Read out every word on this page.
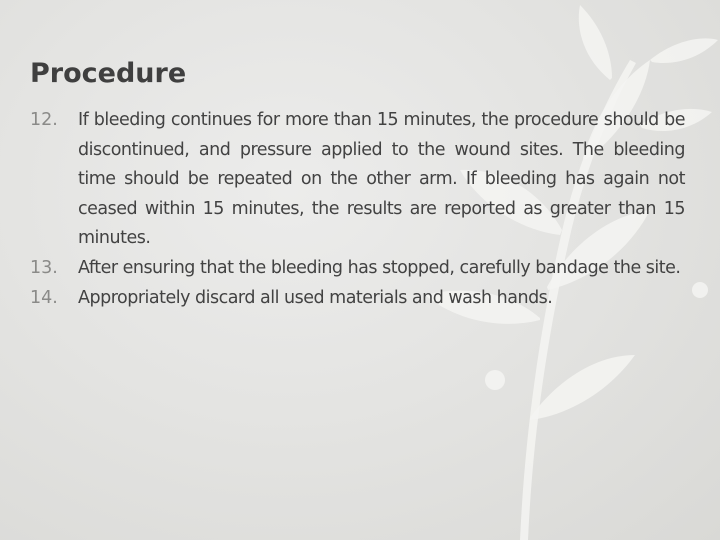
Procedure
12.	If bleeding continues for more than 15 minutes, the procedure should be discontinued, and pressure applied to the wound sites. The bleeding time should be repeated on the other arm. If bleeding has again not ceased within 15 minutes, the results are reported as greater than 15 minutes.
13.	After ensuring that the bleeding has stopped, carefully bandage the site.
14.	Appropriately discard all used materials and wash hands.
